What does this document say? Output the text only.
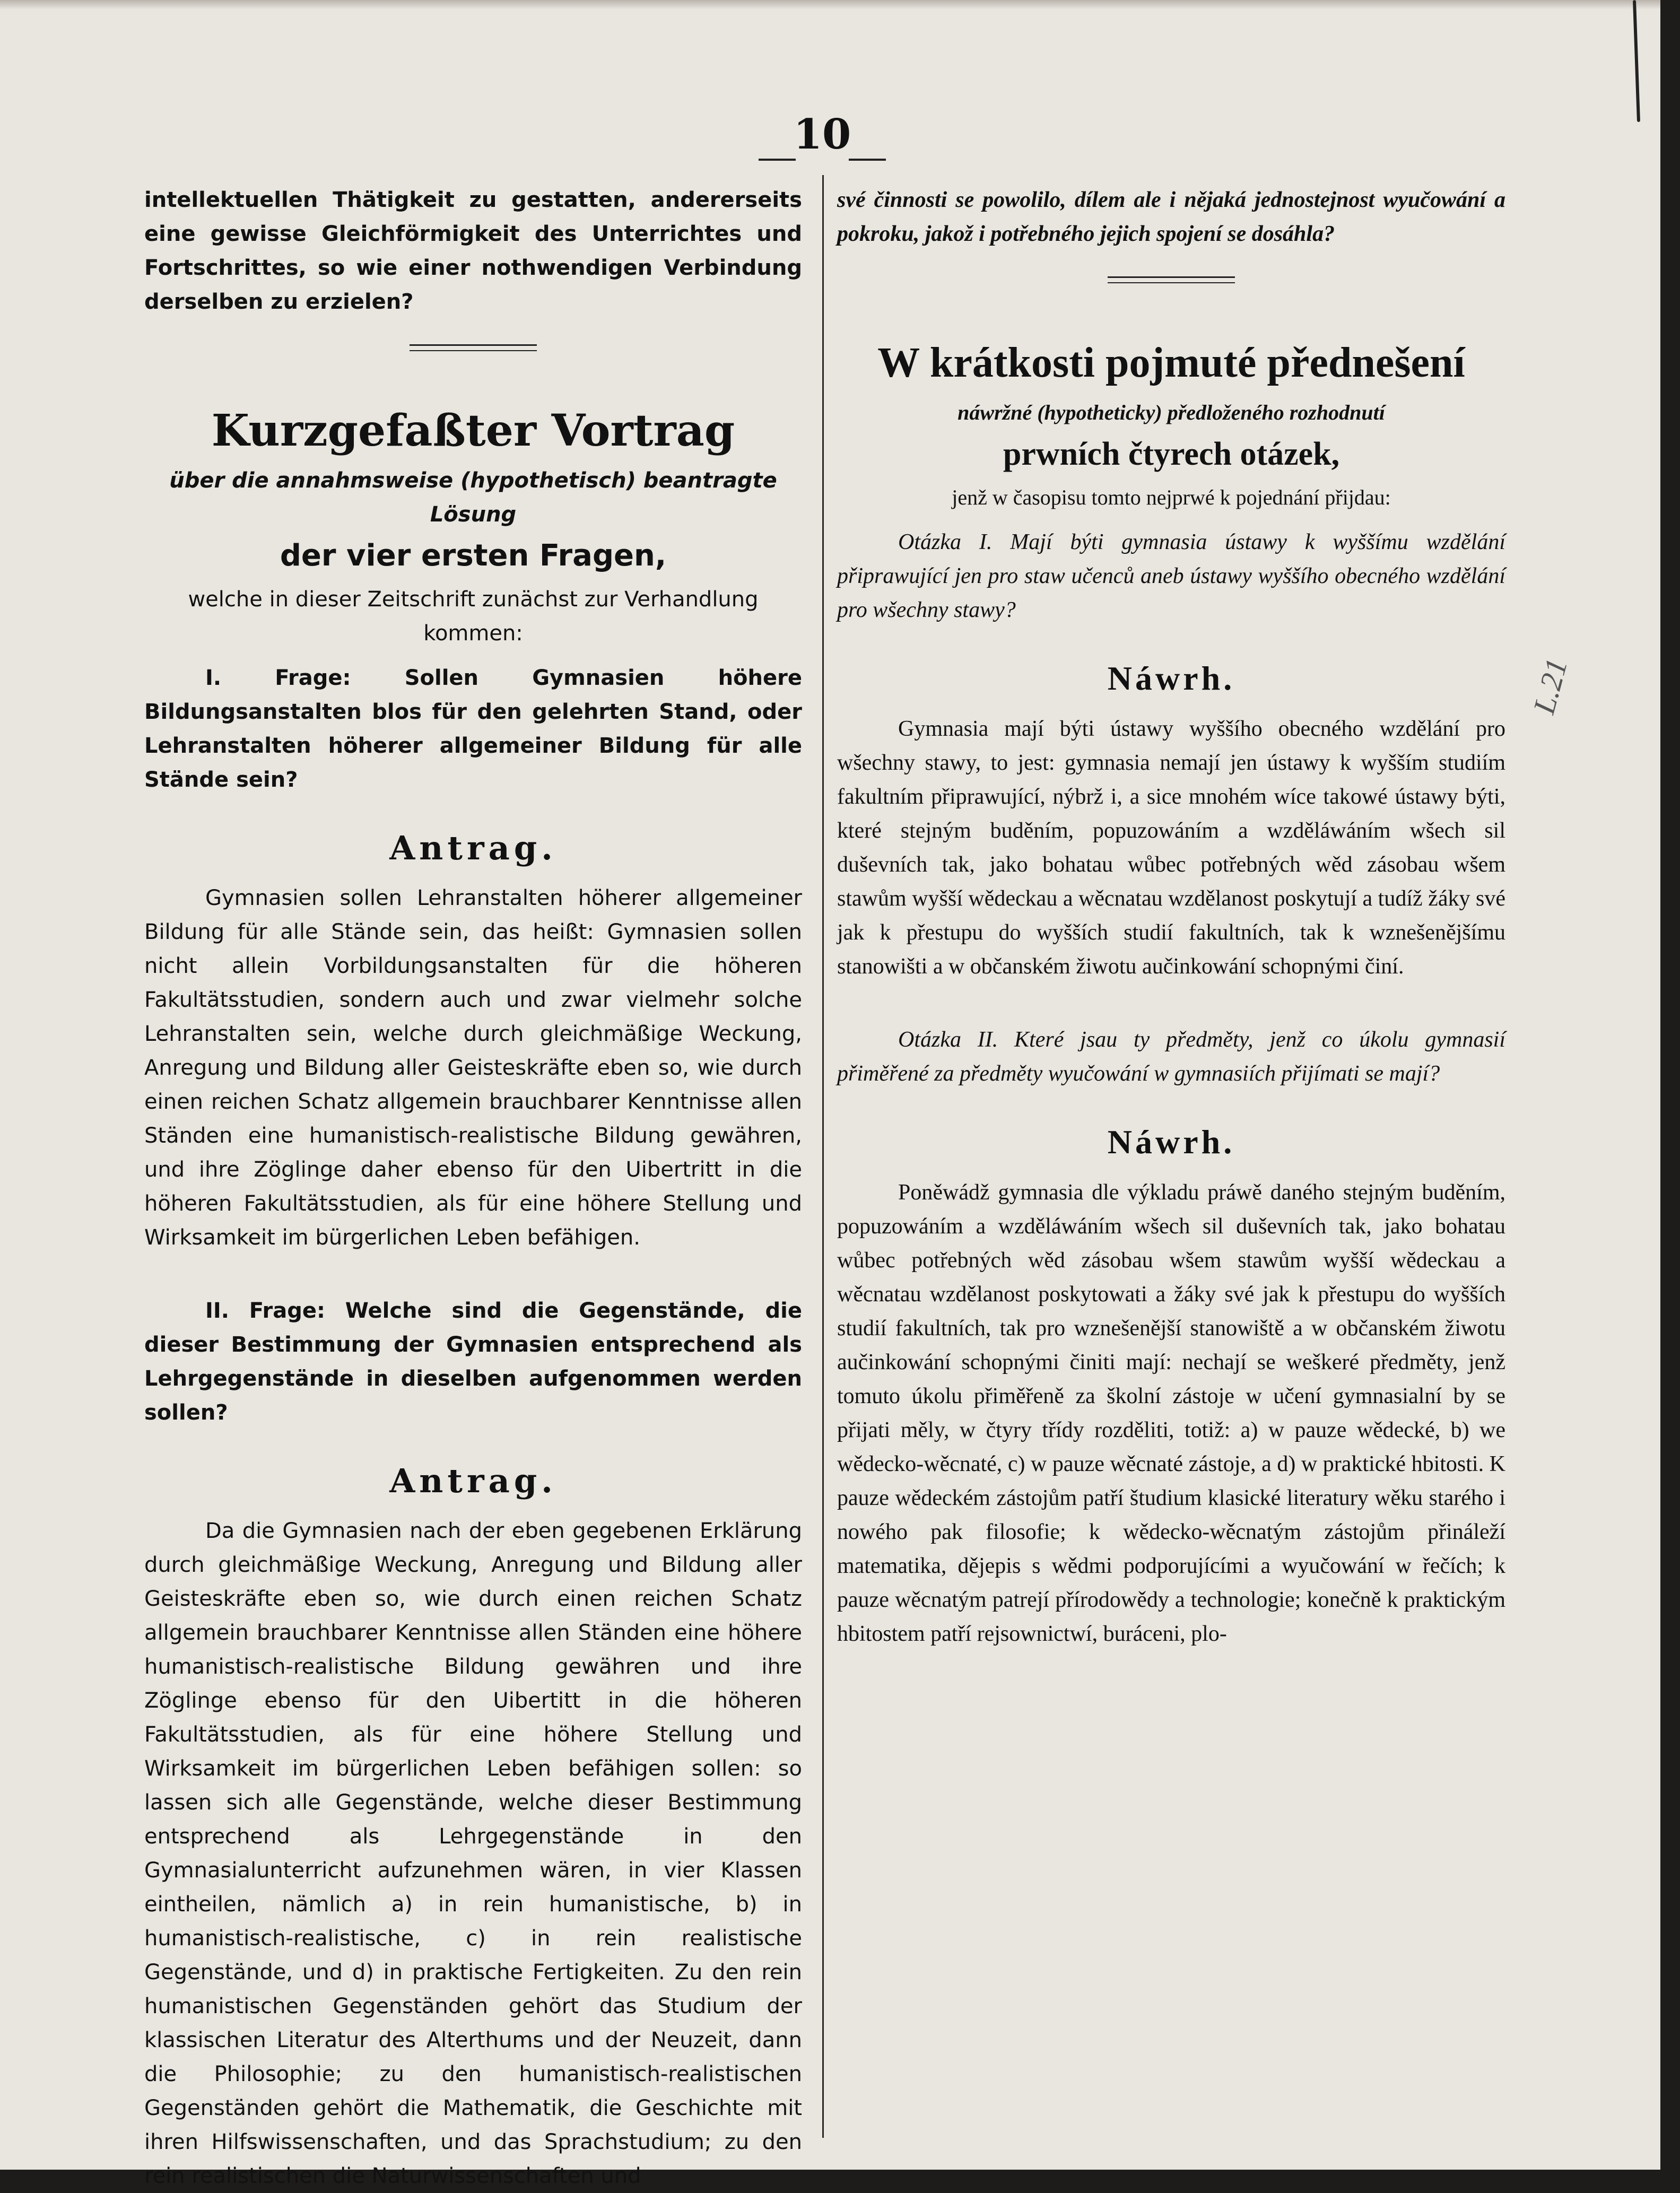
10

intellektuellen Thätigkeit zu gestatten, andererseits eine gewisse Gleichförmigkeit des Unterrichtes und Fortschrittes, so wie einer nothwendigen Verbindung derselben zu erzielen?

Kurzgefaßter Vortrag
über die annahmsweise (hypothetisch) beantragte Lösung
der vier ersten Fragen,
welche in dieser Zeitschrift zunächst zur Verhandlung kommen:

I. Frage: Sollen Gymnasien höhere Bildungsanstalten blos für den gelehrten Stand, oder Lehranstalten höherer allgemeiner Bildung für alle Stände sein?

Antrag.

Gymnasien sollen Lehranstalten höherer allgemeiner Bildung für alle Stände sein, das heißt: Gymnasien sollen nicht allein Vorbildungsanstalten für die höheren Fakultätsstudien, sondern auch und zwar vielmehr solche Lehranstalten sein, welche durch gleichmäßige Weckung, Anregung und Bildung aller Geisteskräfte eben so, wie durch einen reichen Schatz allgemein brauchbarer Kenntnisse allen Ständen eine humanistisch-realistische Bildung gewähren, und ihre Zöglinge daher ebenso für den Uibertritt in die höheren Fakultätsstudien, als für eine höhere Stellung und Wirksamkeit im bürgerlichen Leben befähigen.

II. Frage: Welche sind die Gegenstände, die dieser Bestimmung der Gymnasien entsprechend als Lehrgegenstände in dieselben aufgenommen werden sollen?

Antrag.

Da die Gymnasien nach der eben gegebenen Erklärung durch gleichmäßige Weckung, Anregung und Bildung aller Geisteskräfte eben so, wie durch einen reichen Schatz allgemein brauchbarer Kenntnisse allen Ständen eine höhere humanistisch-realistische Bildung gewähren und ihre Zöglinge ebenso für den Uibertitt in die höheren Fakultätsstudien, als für eine höhere Stellung und Wirksamkeit im bürgerlichen Leben befähigen sollen: so lassen sich alle Gegenstände, welche dieser Bestimmung entsprechend als Lehrgegenstände in den Gymnasialunterricht aufzunehmen wären, in vier Klassen eintheilen, nämlich a) in rein humanistische, b) in humanistisch-realistische, c) in rein realistische Gegenstände, und d) in praktische Fertigkeiten. Zu den rein humanistischen Gegenständen gehört das Studium der klassischen Literatur des Alterthums und der Neuzeit, dann die Philosophie; zu den humanistisch-realistischen Gegenständen gehört die Mathematik, die Geschichte mit ihren Hilfswissenschaften, und das Sprachstudium; zu den rein realistischen die Naturwissenschaften und

své činnosti se powolilo, dílem ale i nějaká jednostejnost wyučowání a pokroku, jakož i potřebného jejich spojení se dosáhla?

W krátkosti pojmuté přednešení
náwržné (hypotheticky) předloženého rozhodnutí
prwních čtyrech otázek,
jenž w časopisu tomto nejprwé k pojednání přijdau:

Otázka I. Mají býti gymnasia ústawy k wyššímu wzdělání připrawující jen pro staw učenců aneb ústawy wyššího obecného wzdělání pro wšechny stawy?

Náwrh.

Gymnasia mají býti ústawy wyššího obecného wzdělání pro wšechny stawy, to jest: gymnasia nemají jen ústawy k wyšším studiím fakultním připrawující, nýbrž i, a sice mnohém wíce takowé ústawy býti, které stejným buděním, popuzowáním a wzděláwáním wšech sil duševních tak, jako bohatau wůbec potřebných wěd zásobau wšem stawům wyšší wědeckau a wěcnatau wzdělanost poskytují a tudíž žáky své jak k přestupu do wyšších studií fakultních, tak k wznešenějšímu stanowišti a w občanském žiwotu aučinkowání schopnými činí.

Otázka II. Které jsau ty předměty, jenž co úkolu gymnasií přiměřené za předměty wyučowání w gymnasiích přijímati se mají?

Náwrh.

Poněwádž gymnasia dle výkladu práwě daného stejným buděním, popuzowáním a wzděláwáním wšech sil duševních tak, jako bohatau wůbec potřebných wěd zásobau wšem stawům wyšší wědeckau a wěcnatau wzdělanost poskytowati a žáky své jak k přestupu do wyšších studií fakultních, tak pro wznešenější stanowiště a w občanském žiwotu aučinkowání schopnými činiti mají: nechají se weškeré předměty, jenž tomuto úkolu přiměřeně za školní zástoje w učení gymnasialní by se přijati měly, w čtyry třídy rozděliti, totiž: a) w pauze wědecké, b) we wědecko-wěcnaté, c) w pauze wěcnaté zástoje, a d) w praktické hbitosti. K pauze wědeckém zástojům patří študium klasické literatury wěku starého i nowého pak filosofie; k wědecko-wěcnatým zástojům přináleží matematika, dějepis s wědmi podporujícími a wyučowání w řečích; k pauze wěcnatým patrejí přírodowědy a technologie; konečně k praktickým hbitostem patří rejsownictwí, buráceni, plo-

L.21
